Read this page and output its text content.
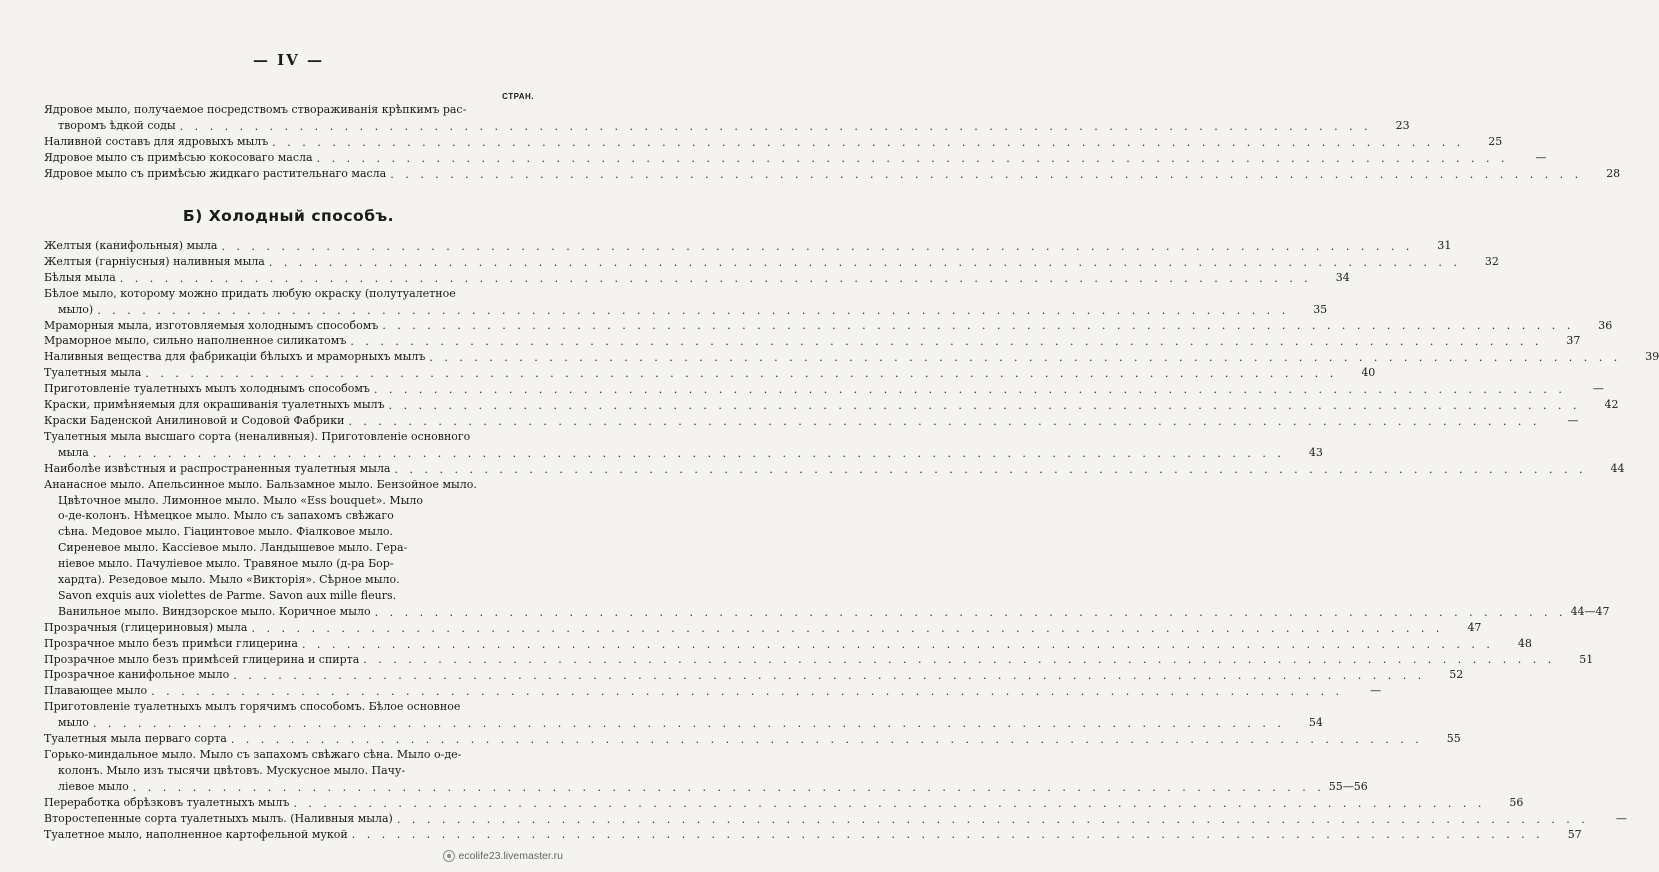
— IV —
СТРАН.
Ядровое мыло, получаемое посредствомъ створаживанія крѣпкимъ рас-
творомъ ѣдкой соды . . . . . . . . . . . . . . . . . . . . . . . . . . . . . . . . . . . . . . . . . . . . . . . . . . . . . . . . . . . . . . . . . . . . . . . . . . . . . . . .	23
Наливной составъ для ядровыхъ мылъ . . . . . . . . . . . . . . . . . . . . . . . . . . . . . . . . . . . . . . . . . . . . . . . . . . . . . . . . . . . . . . . . . . . . . . . . . . . . . . . .	25
Ядровое мыло съ примѣсью кокосоваго масла . . . . . . . . . . . . . . . . . . . . . . . . . . . . . . . . . . . . . . . . . . . . . . . . . . . . . . . . . . . . . . . . . . . . . . . . . . . . . . . .	—
Ядровое мыло съ примѣсью жидкаго растительнаго масла . . . . . . . . . . . . . . . . . . . . . . . . . . . . . . . . . . . . . . . . . . . . . . . . . . . . . . . . . . . . . . . . . . . . . . . . . . . . . . . .	28
Б) Холодный способъ.
Желтыя (канифольныя) мыла . . . . . . . . . . . . . . . . . . . . . . . . . . . . . . . . . . . . . . . . . . . . . . . . . . . . . . . . . . . . . . . . . . . . . . . . . . . . . . . .	31
Желтыя (гарніусныя) наливныя мыла . . . . . . . . . . . . . . . . . . . . . . . . . . . . . . . . . . . . . . . . . . . . . . . . . . . . . . . . . . . . . . . . . . . . . . . . . . . . . . . .	32
Бѣлыя мыла . . . . . . . . . . . . . . . . . . . . . . . . . . . . . . . . . . . . . . . . . . . . . . . . . . . . . . . . . . . . . . . . . . . . . . . . . . . . . . . .	34
Бѣлое мыло, которому можно придать любую окраску (полутуалетное
мыло) . . . . . . . . . . . . . . . . . . . . . . . . . . . . . . . . . . . . . . . . . . . . . . . . . . . . . . . . . . . . . . . . . . . . . . . . . . . . . . . .	35
Мраморныя мыла, изготовляемыя холоднымъ способомъ . . . . . . . . . . . . . . . . . . . . . . . . . . . . . . . . . . . . . . . . . . . . . . . . . . . . . . . . . . . . . . . . . . . . . . . . . . . . . . . .	36
Мраморное мыло, сильно наполненное силикатомъ . . . . . . . . . . . . . . . . . . . . . . . . . . . . . . . . . . . . . . . . . . . . . . . . . . . . . . . . . . . . . . . . . . . . . . . . . . . . . . . .	37
Наливныя вещества для фабрикаціи бѣлыхъ и мраморныхъ мылъ . . . . . . . . . . . . . . . . . . . . . . . . . . . . . . . . . . . . . . . . . . . . . . . . . . . . . . . . . . . . . . . . . . . . . . . . . . . . . . . .	39
Туалетныя мыла . . . . . . . . . . . . . . . . . . . . . . . . . . . . . . . . . . . . . . . . . . . . . . . . . . . . . . . . . . . . . . . . . . . . . . . . . . . . . . . .	40
Приготовленіе туалетныхъ мылъ холоднымъ способомъ . . . . . . . . . . . . . . . . . . . . . . . . . . . . . . . . . . . . . . . . . . . . . . . . . . . . . . . . . . . . . . . . . . . . . . . . . . . . . . . .	—
Краски, примѣняемыя для окрашиванія туалетныхъ мылъ . . . . . . . . . . . . . . . . . . . . . . . . . . . . . . . . . . . . . . . . . . . . . . . . . . . . . . . . . . . . . . . . . . . . . . . . . . . . . . . .	42
Краски Баденской Анилиновой и Содовой Фабрики . . . . . . . . . . . . . . . . . . . . . . . . . . . . . . . . . . . . . . . . . . . . . . . . . . . . . . . . . . . . . . . . . . . . . . . . . . . . . . . .	—
Туалетныя мыла высшаго сорта (неналивныя). Приготовленіе основного
мыла . . . . . . . . . . . . . . . . . . . . . . . . . . . . . . . . . . . . . . . . . . . . . . . . . . . . . . . . . . . . . . . . . . . . . . . . . . . . . . . .	43
Наиболѣе извѣстныя и распространенныя туалетныя мыла . . . . . . . . . . . . . . . . . . . . . . . . . . . . . . . . . . . . . . . . . . . . . . . . . . . . . . . . . . . . . . . . . . . . . . . . . . . . . . . .	44
Ананасное мыло. Апельсинное мыло. Бальзамное мыло. Бензойное мыло.
Цвѣточное мыло. Лимонное мыло. Мыло «Ess bouquet». Мыло
о-де-колонъ. Нѣмецкое мыло. Мыло съ запахомъ свѣжаго
сѣна. Медовое мыло. Гіацинтовое мыло. Фіалковое мыло.
Сиреневое мыло. Кассіевое мыло. Ландышевое мыло. Гера-
ніевое мыло. Пачуліевое мыло. Травяное мыло (д-ра Бор-
хардта). Резедовое мыло. Мыло «Викторія». Сѣрное мыло.
Savon exquis aux violettes de Parme. Savon aux mille fleurs.
Ванильное мыло. Виндзорское мыло. Коричное мыло . . . . . . . . . . . . . . . . . . . . . . . . . . . . . . . . . . . . . . . . . . . . . . . . . . . . . . . . . . . . . . . . . . . . . . . . . . . . . . . . 44—47
Прозрачныя (глицериновыя) мыла . . . . . . . . . . . . . . . . . . . . . . . . . . . . . . . . . . . . . . . . . . . . . . . . . . . . . . . . . . . . . . . . . . . . . . . . . . . . . . . .	47
Прозрачное мыло безъ примѣси глицерина . . . . . . . . . . . . . . . . . . . . . . . . . . . . . . . . . . . . . . . . . . . . . . . . . . . . . . . . . . . . . . . . . . . . . . . . . . . . . . . .	48
Прозрачное мыло безъ примѣсей глицерина и спирта . . . . . . . . . . . . . . . . . . . . . . . . . . . . . . . . . . . . . . . . . . . . . . . . . . . . . . . . . . . . . . . . . . . . . . . . . . . . . . . .	51
Прозрачное канифольное мыло . . . . . . . . . . . . . . . . . . . . . . . . . . . . . . . . . . . . . . . . . . . . . . . . . . . . . . . . . . . . . . . . . . . . . . . . . . . . . . . .	52
Плавающее мыло . . . . . . . . . . . . . . . . . . . . . . . . . . . . . . . . . . . . . . . . . . . . . . . . . . . . . . . . . . . . . . . . . . . . . . . . . . . . . . . .	—
Приготовленіе туалетныхъ мылъ горячимъ способомъ. Бѣлое основное
мыло . . . . . . . . . . . . . . . . . . . . . . . . . . . . . . . . . . . . . . . . . . . . . . . . . . . . . . . . . . . . . . . . . . . . . . . . . . . . . . . .	54
Туалетныя мыла перваго сорта . . . . . . . . . . . . . . . . . . . . . . . . . . . . . . . . . . . . . . . . . . . . . . . . . . . . . . . . . . . . . . . . . . . . . . . . . . . . . . . .	55
Горько-миндальное мыло. Мыло съ запахомъ свѣжаго сѣна. Мыло о-де-
колонъ. Мыло изъ тысячи цвѣтовъ. Мускусное мыло. Пачу-
ліевое мыло . . . . . . . . . . . . . . . . . . . . . . . . . . . . . . . . . . . . . . . . . . . . . . . . . . . . . . . . . . . . . . . . . . . . . . . . . . . . . . . . 55—56
Переработка обрѣзковъ туалетныхъ мылъ . . . . . . . . . . . . . . . . . . . . . . . . . . . . . . . . . . . . . . . . . . . . . . . . . . . . . . . . . . . . . . . . . . . . . . . . . . . . . . . .	56
Второстепенные сорта туалетныхъ мылъ. (Наливныя мыла) . . . . . . . . . . . . . . . . . . . . . . . . . . . . . . . . . . . . . . . . . . . . . . . . . . . . . . . . . . . . . . . . . . . . . . . . . . . . . . . .	—
Туалетное мыло, наполненное картофельной мукой . . . . . . . . . . . . . . . . . . . . . . . . . . . . . . . . . . . . . . . . . . . . . . . . . . . . . . . . . . . . . . . . . . . . . . . . . . . . . . . .	57
ecolife23.livemaster.ru
